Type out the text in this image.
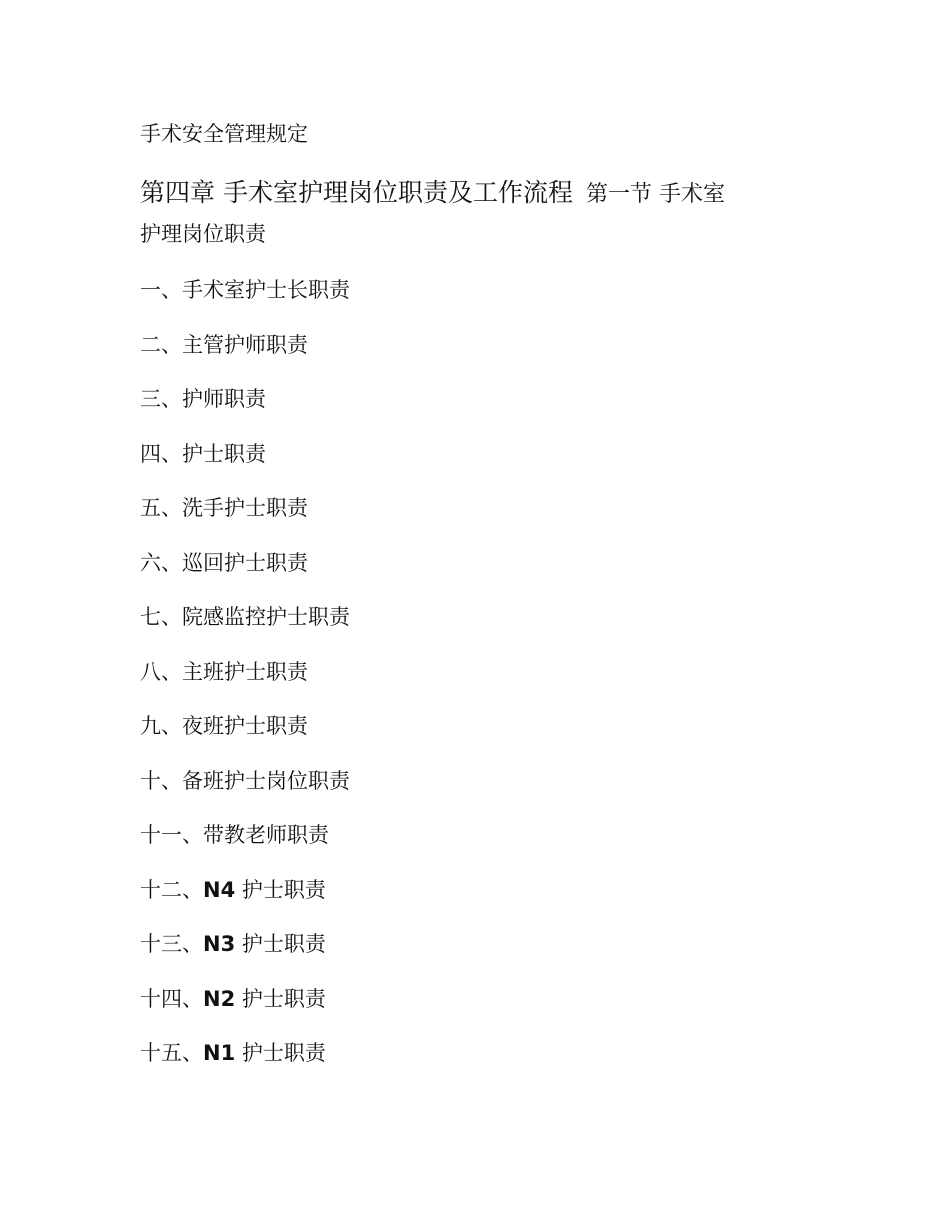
手术安全管理规定
第四章 手术室护理岗位职责及工作流程 第一节 手术室
护理岗位职责
一、手术室护士长职责
二、主管护师职责
三、护师职责
四、护士职责
五、洗手护士职责
六、巡回护士职责
七、院感监控护士职责
八、主班护士职责
九、夜班护士职责
十、备班护士岗位职责
十一、带教老师职责
十二、N4 护士职责
十三、N3 护士职责
十四、N2 护士职责
十五、N1 护士职责
